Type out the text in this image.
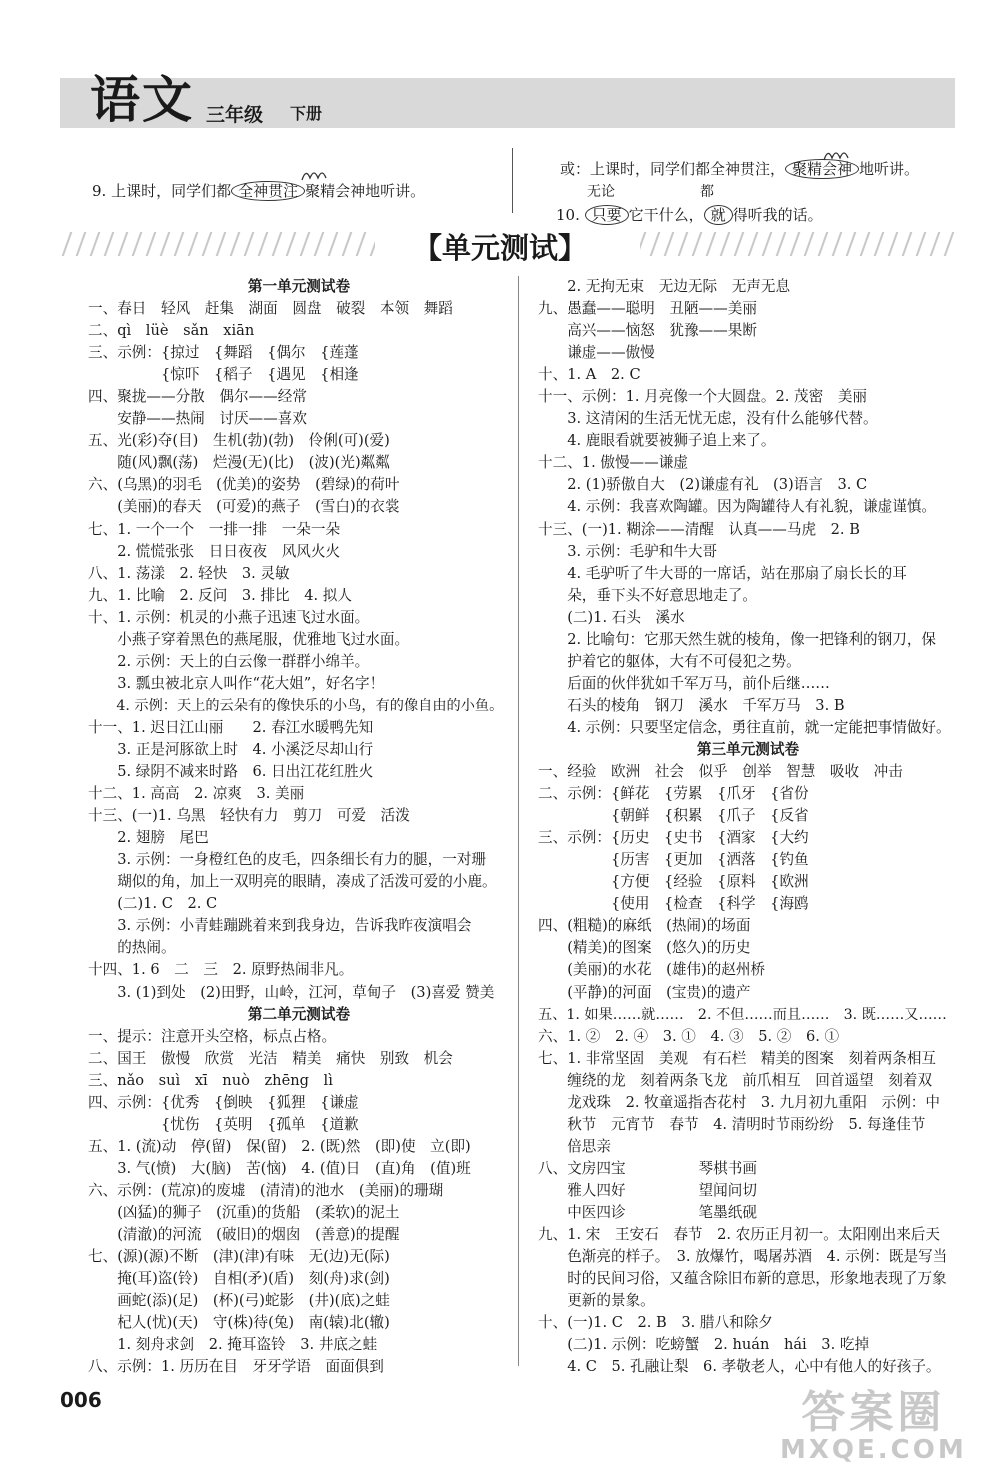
语文 三年级 下册
9. 上课时，同学们都 全神贯注 聚精会神地听讲。
或：上课时，同学们都全神贯注， 聚精会神 地听讲。
无论	都
10. 只要 它干什么， 就 得听我的话。
【单元测试】
第一单元测试卷
一、春日　轻风　赶集　湖面　圆盘　破裂　本领　舞蹈
二、qì　lüè　sǎn　xiān
三、示例：{掠过　{舞蹈　{偶尔　{莲蓬
　　　　　{惊吓　{稻子　{遇见　{相逢
四、聚拢——分散　偶尔——经常
　　安静——热闹　讨厌——喜欢
五、光(彩)夺(目)　生机(勃)(勃)　伶俐(可)(爱)
　　随(风)飘(荡)　烂漫(无)(比)　(波)(光)粼粼
六、(乌黑)的羽毛　(优美)的姿势　(碧绿)的荷叶
　　(美丽)的春天　(可爱)的燕子　(雪白)的衣裳
七、1. 一个一个　一排一排　一朵一朵
　　2. 慌慌张张　日日夜夜　风风火火
八、1. 荡漾　2. 轻快　3. 灵敏
九、1. 比喻　2. 反问　3. 排比　4. 拟人
十、1. 示例：机灵的小燕子迅速飞过水面。
　　小燕子穿着黑色的燕尾服，优雅地飞过水面。
　　2. 示例：天上的白云像一群群小绵羊。
　　3. 瓢虫被北京人叫作“花大姐”，好名字！
　　4. 示例：天上的云朵有的像快乐的小鸟，有的像自由的小鱼。
十一、1. 迟日江山丽　　2. 春江水暖鸭先知
　　3. 正是河豚欲上时　4. 小溪泛尽却山行
　　5. 绿阴不减来时路　6. 日出江花红胜火
十二、1. 高高　2. 凉爽　3. 美丽
十三、(一)1. 乌黑　轻快有力　剪刀　可爱　活泼
　　2. 翅膀　尾巴
　　3. 示例：一身橙红色的皮毛，四条细长有力的腿，一对珊
　　瑚似的角，加上一双明亮的眼睛，凑成了活泼可爱的小鹿。
　　(二)1. C　2. C
　　3. 示例：小青蛙蹦跳着来到我身边，告诉我昨夜演唱会
　　的热闹。
十四、1. 6　二　三　2. 原野热闹非凡。
　　3. (1)到处　(2)田野，山岭，江河，草甸子　(3)喜爱 赞美
第二单元测试卷
一、提示：注意开头空格，标点占格。
二、国王　傲慢　欣赏　光洁　精美　痛快　别致　机会
三、nǎo　suì　xī　nuò　zhēng　lì
四、示例：{优秀　{倒映　{狐狸　{谦虚
　　　　　{忧伤　{英明　{孤单　{道歉
五、1. (流)动　停(留)　保(留)　2. (既)然　(即)使　立(即)
　　3. 气(愤)　大(脑)　苦(恼)　4. (值)日　(直)角　(值)班
六、示例：(荒凉)的废墟　(清清)的池水　(美丽)的珊瑚
　　(凶猛)的狮子　(沉重)的货船　(柔软)的泥土
　　(清澈)的河流　(破旧)的烟囱　(善意)的提醒
七、(源)(源)不断　(津)(津)有味　无(边)无(际)
　　掩(耳)盗(铃)　自相(矛)(盾)　刻(舟)求(剑)
　　画蛇(添)(足)　(杯)(弓)蛇影　(井)(底)之蛙
　　杞人(忧)(天)　守(株)待(兔)　南(辕)北(辙)
　　1. 刻舟求剑　2. 掩耳盗铃　3. 井底之蛙
八、示例：1. 历历在目　牙牙学语　面面俱到
　　2. 无拘无束　无边无际　无声无息
九、愚蠢——聪明　丑陋——美丽
　　高兴——恼怒　犹豫——果断
　　谦虚——傲慢
十、1. A　2. C
十一、示例：1. 月亮像一个大圆盘。2. 茂密　美丽
　　3. 这清闲的生活无忧无虑，没有什么能够代替。
　　4. 鹿眼看就要被狮子追上来了。
十二、1. 傲慢——谦虚
　　2. (1)骄傲自大　(2)谦虚有礼　(3)语言　3. C
　　4. 示例：我喜欢陶罐。因为陶罐待人有礼貌，谦虚谨慎。
十三、(一)1. 糊涂——清醒　认真——马虎　2. B
　　3. 示例：毛驴和牛大哥
　　4. 毛驴听了牛大哥的一席话，站在那扇了扇长长的耳
　　朵，垂下头不好意思地走了。
　　(二)1. 石头　溪水
　　2. 比喻句：它那天然生就的棱角，像一把锋利的钢刀，保
　　护着它的躯体，大有不可侵犯之势。
　　后面的伙伴犹如千军万马，前仆后继……
　　石头的棱角　钢刀　溪水　千军万马　3. B
　　4. 示例：只要坚定信念，勇往直前，就一定能把事情做好。
第三单元测试卷
一、经验　欧洲　社会　似乎　创举　智慧　吸收　冲击
二、示例：{鲜花　{劳累　{爪牙　{省份
　　　　　{朝鲜　{积累　{爪子　{反省
三、示例：{历史　{史书　{酒家　{大约
　　　　　{历害　{更加　{洒落　{钓鱼
　　　　　{方便　{经验　{原料　{欧洲
　　　　　{使用　{检查　{科学　{海鸥
四、(粗糙)的麻纸　(热闹)的场面
　　(精美)的图案　(悠久)的历史
　　(美丽)的水花　(雄伟)的赵州桥
　　(平静)的河面　(宝贵)的遗产
五、1. 如果……就……　2. 不但……而且……　3. 既……又……
六、1. ②　2. ④　3. ①　4. ③　5. ②　6. ①
七、1. 非常坚固　美观　有石栏　精美的图案　刻着两条相互
　　缠绕的龙　刻着两条飞龙　前爪相互　回首遥望　刻着双
　　龙戏珠　2. 牧童遥指杏花村　3. 九月初九重阳　示例：中
　　秋节　元宵节　春节　4. 清明时节雨纷纷　5. 每逢佳节
　　倍思亲
八、文房四宝　　　　　琴棋书画
　　雅人四好　　　　　望闻问切
　　中医四诊　　　　　笔墨纸砚
九、1. 宋　王安石　春节　2. 农历正月初一。太阳刚出来后天
　　色渐亮的样子。　3. 放爆竹，喝屠苏酒　4. 示例：既是写当
　　时的民间习俗，又蕴含除旧布新的意思，形象地表现了万象
　　更新的景象。
十、(一)1. C　2. B　3. 腊八和除夕
　　(二)1. 示例：吃螃蟹　2. huán　hái　3. 吃掉
　　4. C　5. 孔融让梨　6. 孝敬老人，心中有他人的好孩子。
006	答案圈
MXQE.COM
